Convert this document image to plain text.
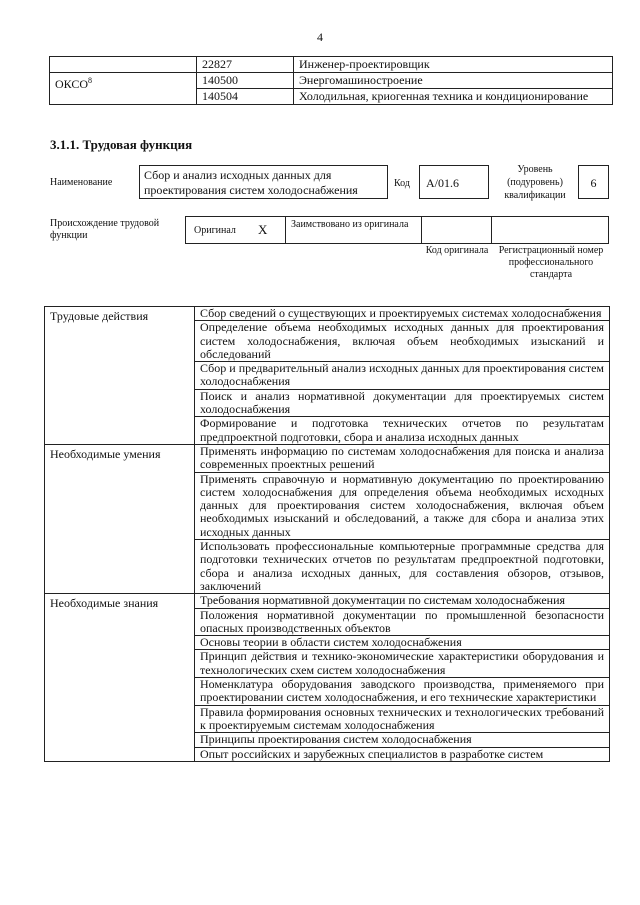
4
	22827	Инженер-проектировщик
ОКСО$^8$	140500	Энергомашиностроение
	140504	Холодильная, криогенная техника и кондиционирование
3.1.1. Трудовая функция
Наименование
Сбор и анализ исходных данных для проектирования систем холодоснабжения	Код	А/01.6
Уровень (подуровень) квалификации
6
Происхождение трудовой функции	Оригинал X Заимствовано из оригинала
Код оригинала	Регистрационный номер профессионального стандарта
Трудовые действия	Сбор сведений о существующих и проектируемых системах холодоснабжения
	Определение объема необходимых исходных данных для проектирования систем холодоснабжения, включая объем необходимых изысканий и обследований
	Сбор и предварительный анализ исходных данных для проектирования систем холодоснабжения
	Поиск и анализ нормативной документации для проектируемых систем холодоснабжения
	Формирование и подготовка технических отчетов по результатам предпроектной подготовки, сбора и анализа исходных данных
Необходимые умения	Применять информацию по системам холодоснабжения для поиска и анализа современных проектных решений
	Применять справочную и нормативную документацию по проектированию систем холодоснабжения для определения объема необходимых исходных данных для проектирования систем холодоснабжения, включая объем необходимых изысканий и обследований, а также для сбора и анализа этих исходных данных
	Использовать профессиональные компьютерные программные средства для подготовки технических отчетов по результатам предпроектной подготовки, сбора и анализа исходных данных, для составления обзоров, отзывов, заключений
Необходимые знания	Требования нормативной документации по системам холодоснабжения
	Положения нормативной документации по промышленной безопасности опасных производственных объектов
	Основы теории в области систем холодоснабжения
	Принцип действия и технико-экономические характеристики оборудования и технологических схем систем холодоснабжения
	Номенклатура оборудования заводского производства, применяемого при проектировании систем холодоснабжения, и его технические характеристики
	Правила формирования основных технических и технологических требований к проектируемым системам холодоснабжения
	Принципы проектирования систем холодоснабжения
	Опыт российских и зарубежных специалистов в разработке систем
